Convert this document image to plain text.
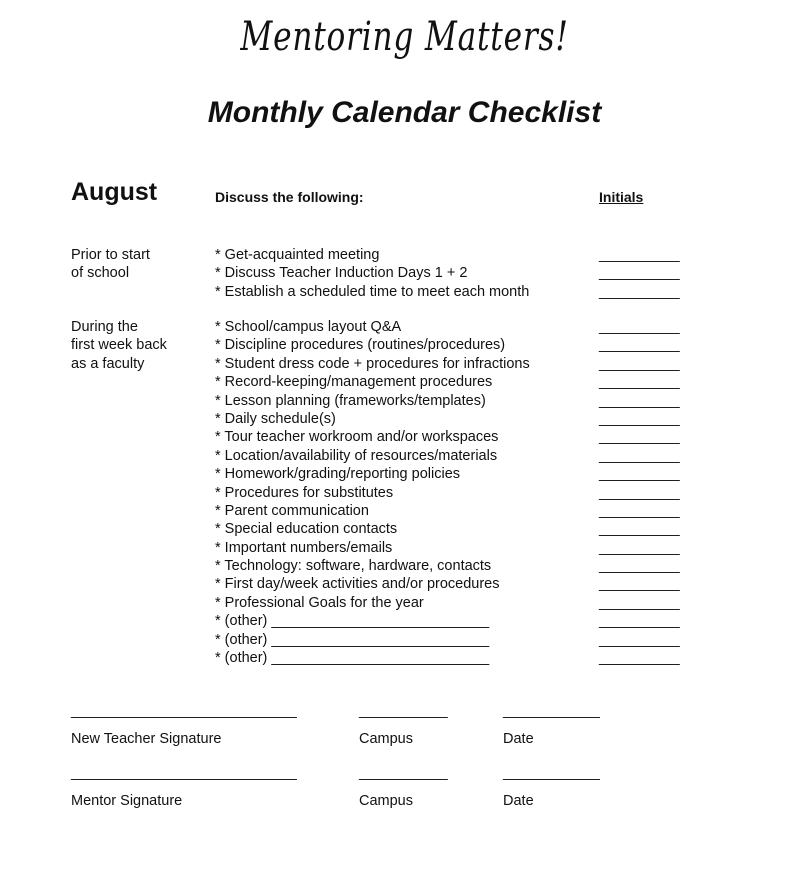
Mentoring Matters!
Monthly Calendar Checklist
August	Discuss the following:	Initials
Prior to start
of school
* Get-acquainted meeting	__________
* Discuss Teacher Induction Days 1 + 2	__________
* Establish a scheduled time to meet each month	__________
During the
first week back
as a faculty
* School/campus layout Q&A	__________
* Discipline procedures (routines/procedures)	__________
* Student dress code + procedures for infractions	__________
* Record-keeping/management procedures	__________
* Lesson planning (frameworks/templates)	__________
* Daily schedule(s)	__________
* Tour teacher workroom and/or workspaces	__________
* Location/availability of resources/materials	__________
* Homework/grading/reporting policies	__________
* Procedures for substitutes	__________
* Parent communication	__________
* Special education contacts	__________
* Important numbers/emails	__________
* Technology: software, hardware, contacts	__________
* First day/week activities and/or procedures	__________
* Professional Goals for the year	__________
* (other) ___________________________	__________
* (other) ___________________________	__________
* (other) ___________________________	__________
____________________________	___________	____________
New Teacher Signature	Campus	Date
____________________________	___________	____________
Mentor Signature	Campus	Date
